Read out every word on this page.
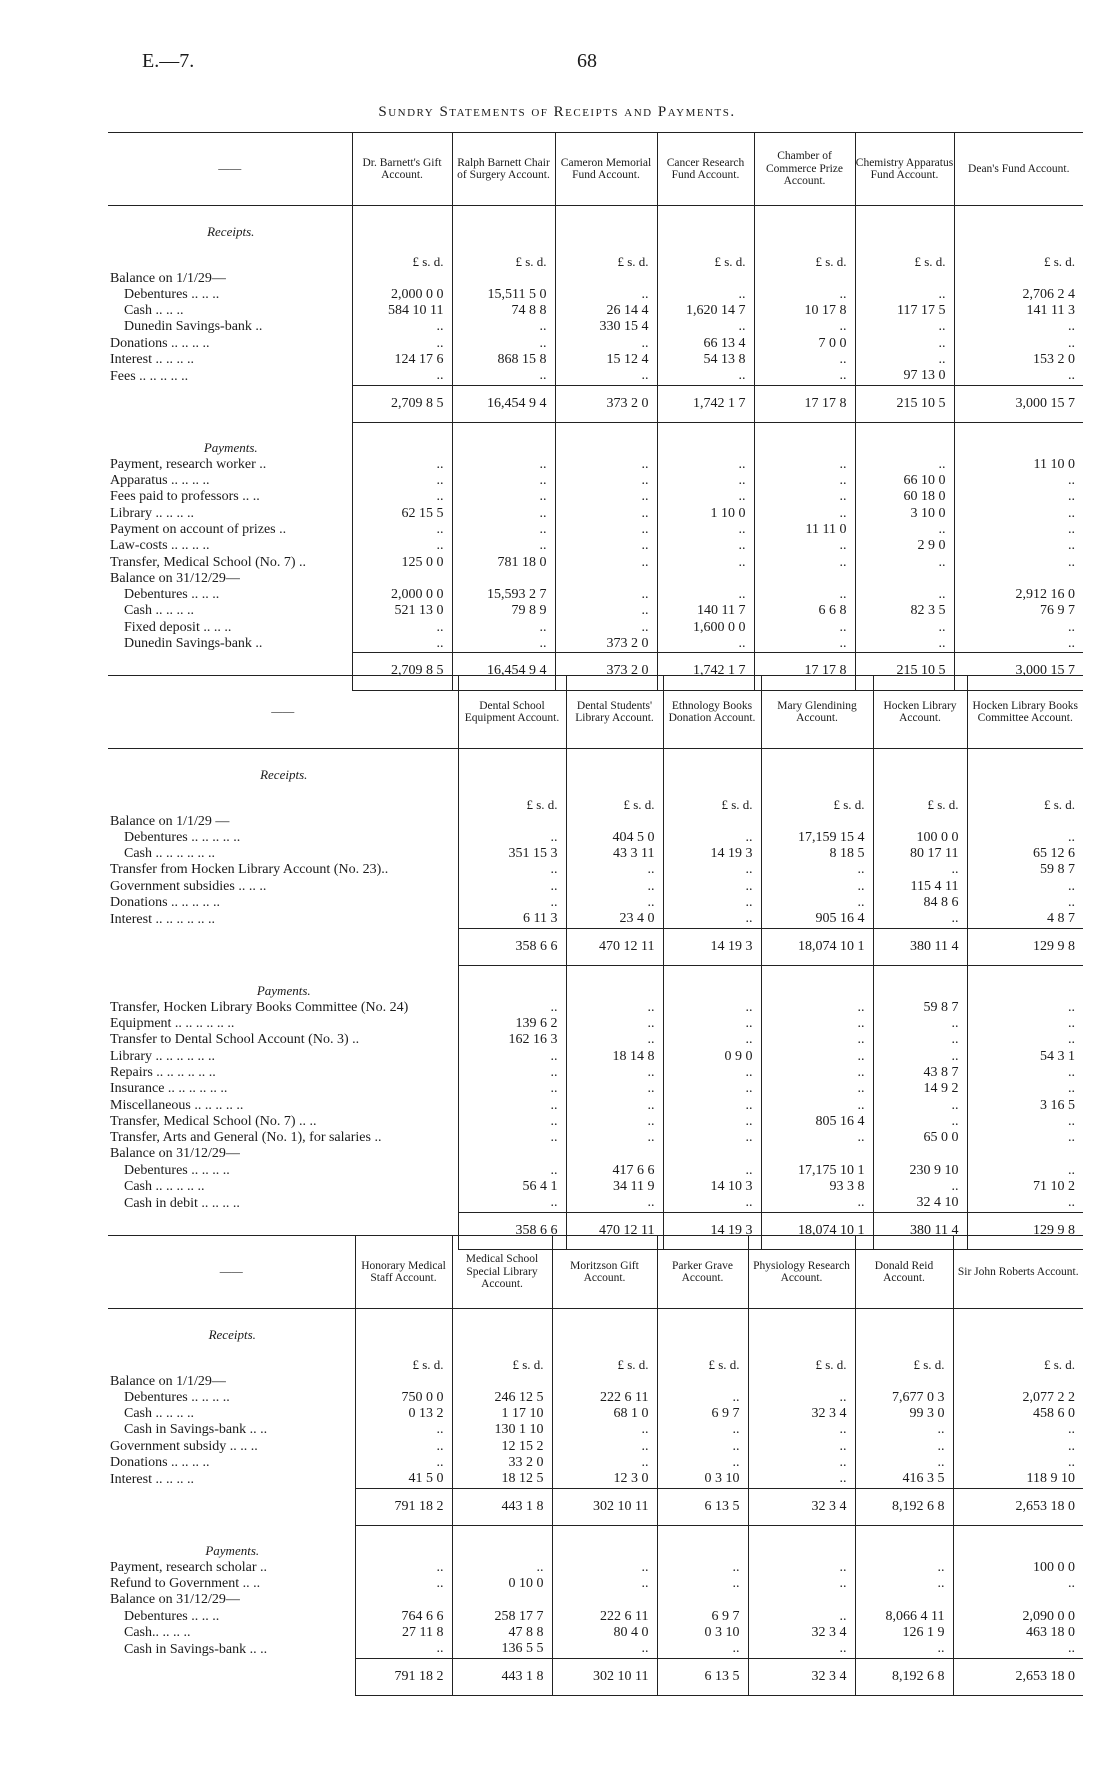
E.—7.	68
Sundry Statements of Receipts and Payments.
——	Dr. Barnett's Gift Account.	Ralph Barnett Chair of Surgery Account.	Cameron Memorial Fund Account.	Cancer Research Fund Account.	Chamber of Commerce Prize Account.	Chemistry Apparatus Fund Account.	Dean's Fund Account.
Receipts.							
	£ s. d.	£ s. d.	£ s. d.	£ s. d.	£ s. d.	£ s. d.	£ s. d.
Balance on 1/1/29—							
Debentures .. .. ..	2,000 0 0	15,511 5 0	..	..	..	..	2,706 2 4
Cash .. .. ..	584 10 11	74 8 8	26 14 4	1,620 14 7	10 17 8	117 17 5	141 11 3
Dunedin Savings-bank ..	..	..	330 15 4	..	..	..	..
Donations .. .. .. ..	..	..	..	66 13 4	7 0 0	..	..
Interest .. .. .. ..	124 17 6	868 15 8	15 12 4	54 13 8	..	..	153 2 0
Fees .. .. .. .. ..	..	..	..	..	..	97 13 0	..
	2,709 8 5	16,454 9 4	373 2 0	1,742 1 7	17 17 8	215 10 5	3,000 15 7
Payments.							
Payment, research worker ..	..	..	..	..	..	..	11 10 0
Apparatus .. .. .. ..	..	..	..	..	..	66 10 0	..
Fees paid to professors .. ..	..	..	..	..	..	60 18 0	..
Library .. .. .. ..	62 15 5	..	..	1 10 0	..	3 10 0	..
Payment on account of prizes ..	..	..	..	..	11 11 0	..	..
Law-costs .. .. .. ..	..	..	..	..	..	2 9 0	..
Transfer, Medical School (No. 7) ..	125 0 0	781 18 0	..	..	..	..	..
Balance on 31/12/29—							
Debentures .. .. ..	2,000 0 0	15,593 2 7	..	..	..	..	2,912 16 0
Cash .. .. .. ..	521 13 0	79 8 9	..	140 11 7	6 6 8	82 3 5	76 9 7
Fixed deposit .. .. ..	..	..	..	1,600 0 0	..	..	..
Dunedin Savings-bank ..	..	..	373 2 0	..	..	..	..
	2,709 8 5	16,454 9 4	373 2 0	1,742 1 7	17 17 8	215 10 5	3,000 15 7
——	Dental School Equipment Account.	Dental Students' Library Account.	Ethnology Books Donation Account.	Mary Glendining Account.	Hocken Library Account.	Hocken Library Books Committee Account.
Receipts.						
	£ s. d.	£ s. d.	£ s. d.	£ s. d.	£ s. d.	£ s. d.
Balance on 1/1/29 —						
Debentures .. .. .. .. ..	..	404 5 0	..	17,159 15 4	100 0 0	..
Cash .. .. .. .. .. ..	351 15 3	43 3 11	14 19 3	8 18 5	80 17 11	65 12 6
Transfer from Hocken Library Account (No. 23)..	..	..	..	..	..	59 8 7
Government subsidies .. .. ..	..	..	..	..	115 4 11	..
Donations .. .. .. .. ..	..	..	..	..	84 8 6	..
Interest .. .. .. .. .. ..	6 11 3	23 4 0	..	905 16 4	..	4 8 7
	358 6 6	470 12 11	14 19 3	18,074 10 1	380 11 4	129 9 8
Payments.						
Transfer, Hocken Library Books Committee (No. 24)	..	..	..	..	59 8 7	..
Equipment .. .. .. .. .. ..	139 6 2	..	..	..	..	..
Transfer to Dental School Account (No. 3) ..	162 16 3	..	..	..	..	..
Library .. .. .. .. .. ..	..	18 14 8	0 9 0	..	..	54 3 1
Repairs .. .. .. .. .. ..	..	..	..	..	43 8 7	..
Insurance .. .. .. .. .. ..	..	..	..	..	14 9 2	..
Miscellaneous .. .. .. .. ..	..	..	..	..	..	3 16 5
Transfer, Medical School (No. 7) .. ..	..	..	..	805 16 4	..	..
Transfer, Arts and General (No. 1), for salaries ..	..	..	..	..	65 0 0	..
Balance on 31/12/29—						
Debentures .. .. .. ..	..	417 6 6	..	17,175 10 1	230 9 10	..
Cash .. .. .. .. ..	56 4 1	34 11 9	14 10 3	93 3 8	..	71 10 2
Cash in debit .. .. .. ..	..	..	..	..	32 4 10	..
	358 6 6	470 12 11	14 19 3	18,074 10 1	380 11 4	129 9 8
——	Honorary Medical Staff Account.	Medical School Special Library Account.	Moritzson Gift Account.	Parker Grave Account.	Physiology Research Account.	Donald Reid Account.	Sir John Roberts Account.
Receipts.							
	£ s. d.	£ s. d.	£ s. d.	£ s. d.	£ s. d.	£ s. d.	£ s. d.
Balance on 1/1/29—							
Debentures .. .. .. ..	750 0 0	246 12 5	222 6 11	..	..	7,677 0 3	2,077 2 2
Cash .. .. .. ..	0 13 2	1 17 10	68 1 0	6 9 7	32 3 4	99 3 0	458 6 0
Cash in Savings-bank .. ..	..	130 1 10	..	..	..	..	..
Government subsidy .. .. ..	..	12 15 2	..	..	..	..	..
Donations .. .. .. ..	..	33 2 0	..	..	..	..	..
Interest .. .. .. ..	41 5 0	18 12 5	12 3 0	0 3 10	..	416 3 5	118 9 10
	791 18 2	443 1 8	302 10 11	6 13 5	32 3 4	8,192 6 8	2,653 18 0
Payments.							
Payment, research scholar ..	..	..	..	..	..	..	100 0 0
Refund to Government .. ..	..	0 10 0	..	..	..	..	..
Balance on 31/12/29—							
Debentures .. .. ..	764 6 6	258 17 7	222 6 11	6 9 7	..	8,066 4 11	2,090 0 0
Cash.. .. .. ..	27 11 8	47 8 8	80 4 0	0 3 10	32 3 4	126 1 9	463 18 0
Cash in Savings-bank .. ..	..	136 5 5	..	..	..	..	..
	791 18 2	443 1 8	302 10 11	6 13 5	32 3 4	8,192 6 8	2,653 18 0
